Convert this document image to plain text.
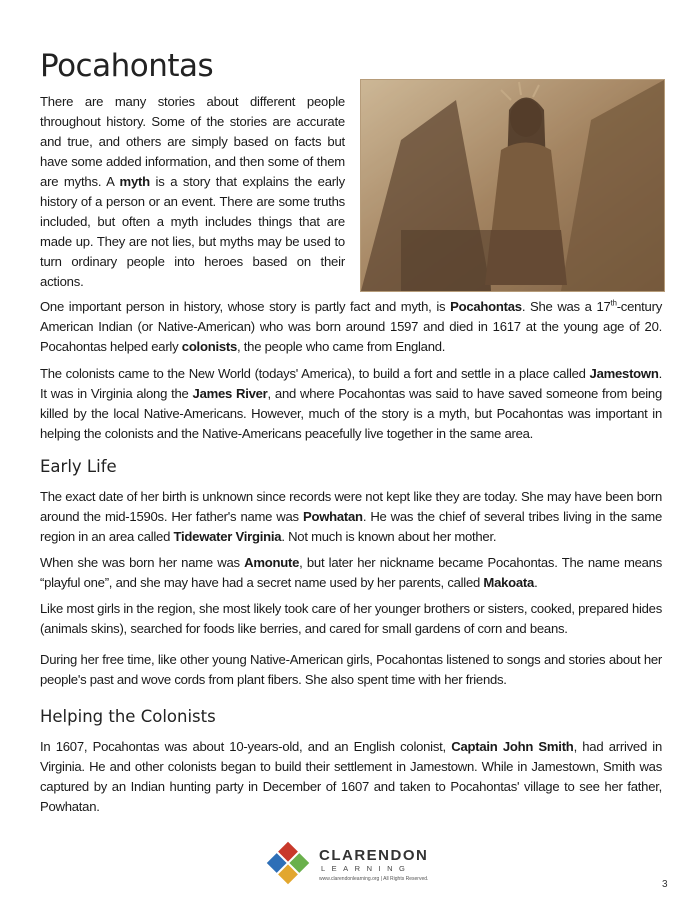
Pocahontas

There are many stories about different people throughout history. Some of the stories are accurate and true, and others are simply based on facts but have some added information, and then some of them are myths. A myth is a story that explains the early history of a person or an event. There are some truths included, but often a myth includes things that are made up. They are not lies, but myths may be used to turn ordinary people into heroes based on their actions.

One important person in history, whose story is partly fact and myth, is Pocahontas. She was a 17th-century American Indian (or Native-American) who was born around 1597 and died in 1617 at the young age of 20. Pocahontas helped early colonists, the people who came from England.

The colonists came to the New World (todays' America), to build a fort and settle in a place called Jamestown. It was in Virginia along the James River, and where Pocahontas was said to have saved someone from being killed by the local Native-Americans. However, much of the story is a myth, but Pocahontas was important in helping the colonists and the Native-Americans peacefully live together in the same area.

Early Life

The exact date of her birth is unknown since records were not kept like they are today. She may have been born around the mid-1590s. Her father's name was Powhatan. He was the chief of several tribes living in the same region in an area called Tidewater Virginia. Not much is known about her mother.

When she was born her name was Amonute, but later her nickname became Pocahontas. The name means “playful one”, and she may have had a secret name used by her parents, called Makoata.

Like most girls in the region, she most likely took care of her younger brothers or sisters, cooked, prepared hides (animals skins), searched for foods like berries, and cared for small gardens of corn and beans.

During her free time, like other young Native-American girls, Pocahontas listened to songs and stories about her people's past and wove cords from plant fibers. She also spent time with her friends.

Helping the Colonists

In 1607, Pocahontas was about 10-years-old, and an English colonist, Captain John Smith, had arrived in Virginia. He and other colonists began to build their settlement in Jamestown. While in Jamestown, Smith was captured by an Indian hunting party in December of 1607 and taken to Pocahontas' village to see her father, Powhatan.

CLARENDON
LEARNING
www.clarendonlearning.org | All Rights Reserved.	3
